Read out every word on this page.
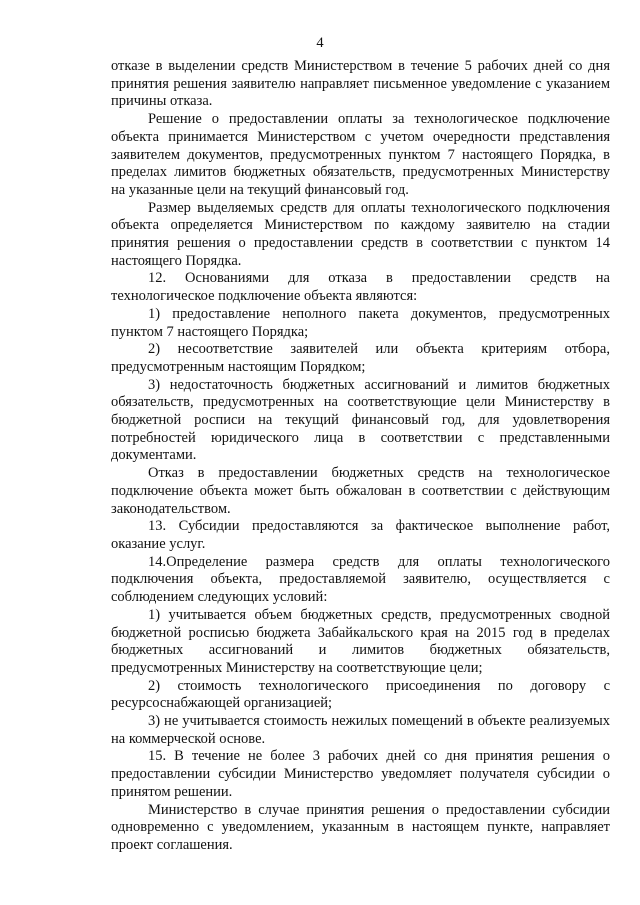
4

отказе в выделении средств Министерством в течение 5 рабочих дней со дня принятия решения заявителю направляет письменное уведомление с указанием причины отказа.

Решение о предоставлении оплаты за технологическое подключение объекта принимается Министерством с учетом очередности представления заявителем документов, предусмотренных пунктом 7 настоящего Порядка, в пределах лимитов бюджетных обязательств, предусмотренных Министерству на указанные цели на текущий финансовый год.

Размер выделяемых средств для оплаты технологического подключения объекта определяется Министерством по каждому заявителю на стадии принятия решения о предоставлении средств в соответствии с пунктом 14 настоящего Порядка.

12. Основаниями для отказа в предоставлении средств на технологическое подключение объекта являются:

1) предоставление неполного пакета документов, предусмотренных пунктом 7 настоящего Порядка;

2) несоответствие заявителей или объекта критериям отбора, предусмотренным настоящим Порядком;

3) недостаточность бюджетных ассигнований и лимитов бюджетных обязательств, предусмотренных на соответствующие цели Министерству в бюджетной росписи на текущий финансовый год, для удовлетворения потребностей юридического лица в соответствии с представленными документами.

Отказ в предоставлении бюджетных средств на технологическое подключение объекта может быть обжалован в соответствии с действующим законодательством.

13. Субсидии предоставляются за фактическое выполнение работ, оказание услуг.

14.Определение размера средств для оплаты технологического подключения объекта, предоставляемой заявителю, осуществляется с соблюдением следующих условий:

1) учитывается объем бюджетных средств, предусмотренных сводной бюджетной росписью бюджета Забайкальского края на 2015 год в пределах бюджетных ассигнований и лимитов бюджетных обязательств, предусмотренных Министерству на соответствующие цели;

2) стоимость технологического присоединения по договору с ресурсоснабжающей организацией;

3) не учитывается стоимость нежилых помещений в объекте реализуемых на коммерческой основе.

15. В течение не более 3 рабочих дней со дня принятия решения о предоставлении субсидии Министерство уведомляет получателя субсидии о принятом решении.

Министерство в случае принятия решения о предоставлении субсидии одновременно с уведомлением, указанным в настоящем пункте, направляет проект соглашения.
